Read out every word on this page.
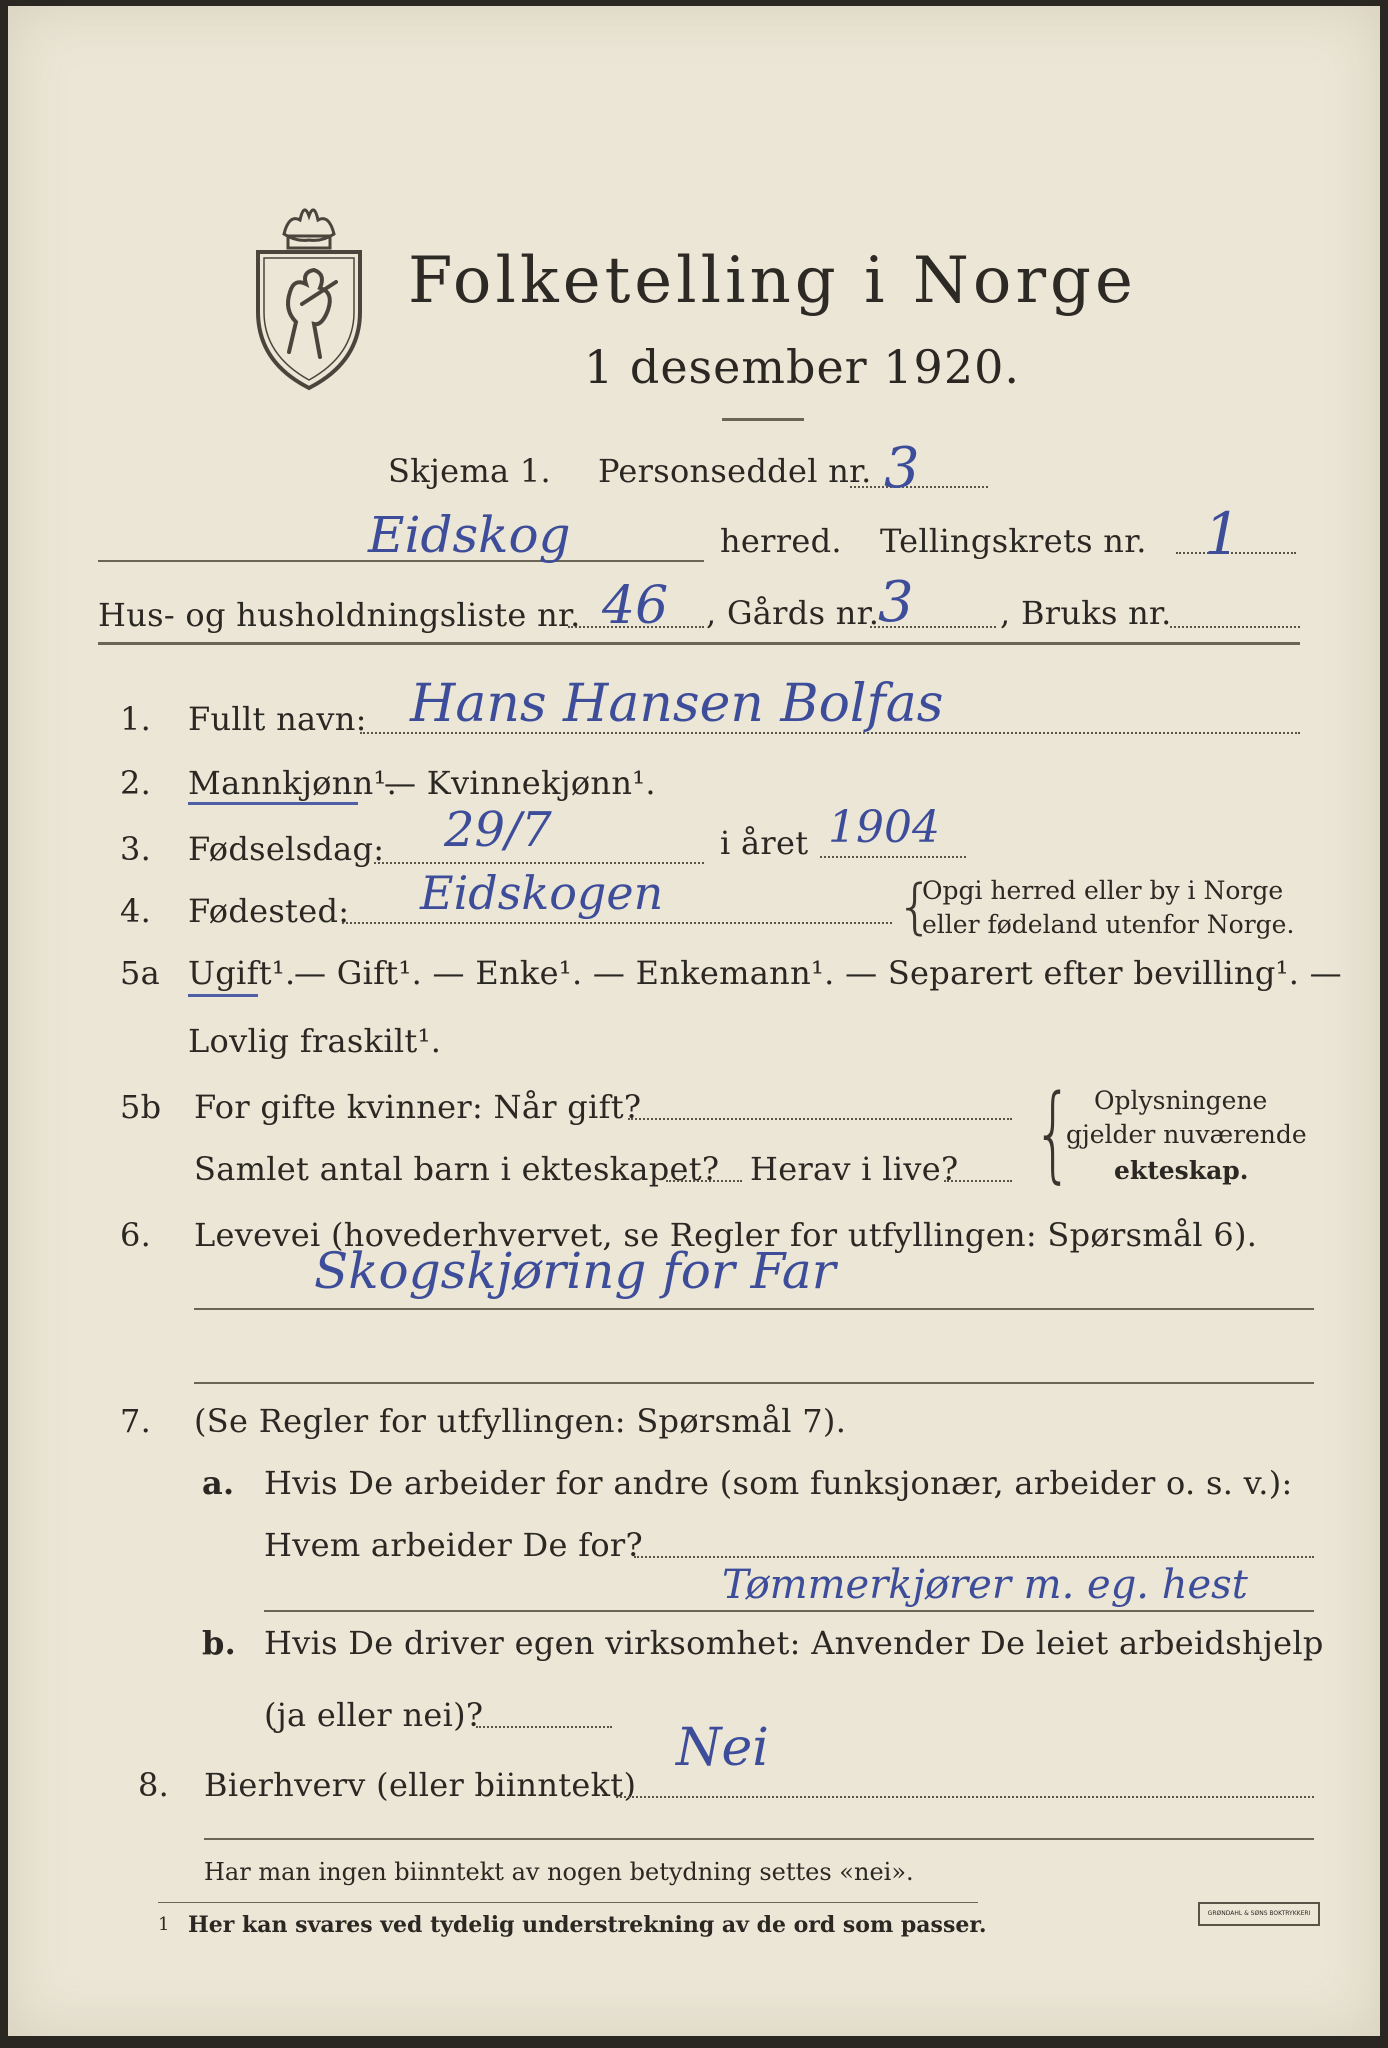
Folketelling i Norge
1 desember 1920.
Skjema 1. Personseddel nr. 3
Eidskog	herred. Tellingskrets nr. 1
Hus- og husholdningsliste nr. 46 , Gårds nr.
3	, Bruks nr.
1. Fullt navn: Hans Hansen Bolfas
2. Mannkjønn¹.
— Kvinnekjønn¹.
3. Fødselsdag: 29/7	i året 1904
4. Fødested: Eidskogen	{
Opgi herred eller by i Norge
eller fødeland utenfor Norge.
5a Ugift¹.
— Gift¹. — Enke¹. — Enkemann¹. — Separert efter bevilling¹. —
Lovlig fraskilt¹.
5b For gifte kvinner: Når gift?
Samlet antal barn i ekteskapet? Herav i live? { Oplysningene
gjelder nuværende
ekteskap.
6. Levevei (hovederhvervet, se Regler for utfyllingen: Spørsmål 6).
Skogskjøring for Far
7. (Se Regler for utfyllingen: Spørsmål 7).
a. Hvis De arbeider for andre (som funksjonær, arbeider o. s. v.):
Hvem arbeider De for?
Tømmerkjører m. eg. hest
b. Hvis De driver egen virksomhet: Anvender De leiet arbeidshjelp
(ja eller nei)?
8. Bierhverv (eller biinntekt)
Nei
Har man ingen biinntekt av nogen betydning settes «nei».
1 Her kan svares ved tydelig understrekning av de ord som passer.	GRØNDAHL & SØNS BOKTRYKKERI
